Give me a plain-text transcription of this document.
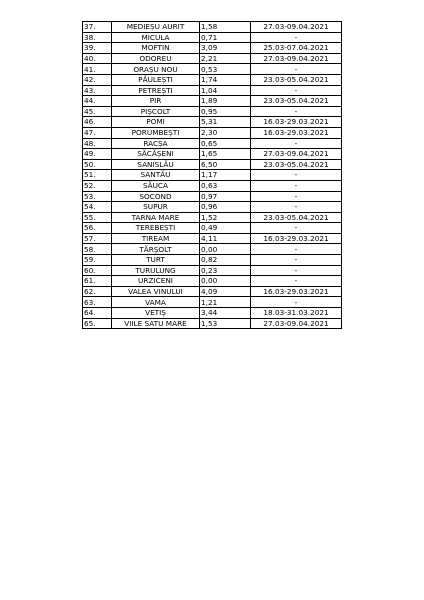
37.	MEDIEȘU AURIT	1,58	27.03-09.04.2021
38.	MICULA	0,71	-
39.	MOFTIN	3,09	25.03-07.04.2021
40.	ODOREU	2,21	27.03-09.04.2021
41.	ORAȘU NOU	0,53	-
42.	PĂULEȘTI	1,74	23.03-05.04.2021
43.	PETREȘTI	1,04	-
44.	PIR	1,89	23.03-05.04.2021
45.	PIȘCOLT	0,95	-
46.	POMI	5,31	16.03-29.03.2021
47.	PORUMBEȘTI	2,30	16.03-29.03.2021
48.	RACȘA	0,65	-
49.	SĂCĂȘENI	1,65	27.03-09.04.2021
50.	SANISLĂU	6,50	23.03-05.04.2021
51.	SANTĂU	1,17	-
52.	SĂUCA	0,63	-
53.	SOCOND	0,97	-
54.	SUPUR	0,96	-
55.	TARNA MARE	1,52	23.03-05.04.2021
56.	TEREBEȘTI	0,49	-
57.	TIREAM	4,11	16.03-29.03.2021
58.	TĂRȘOLT	0,00	-
59.	TURT	0,82	-
60.	TURULUNG	0,23	-
61.	URZICENI	0,00	-
62.	VALEA VINULUI	4,09	16.03-29.03.2021
63.	VAMA	1,21	-
64.	VETIȘ	3,44	18.03-31.03.2021
65.	VIILE SATU MARE	1,53	27.03-09.04.2021
